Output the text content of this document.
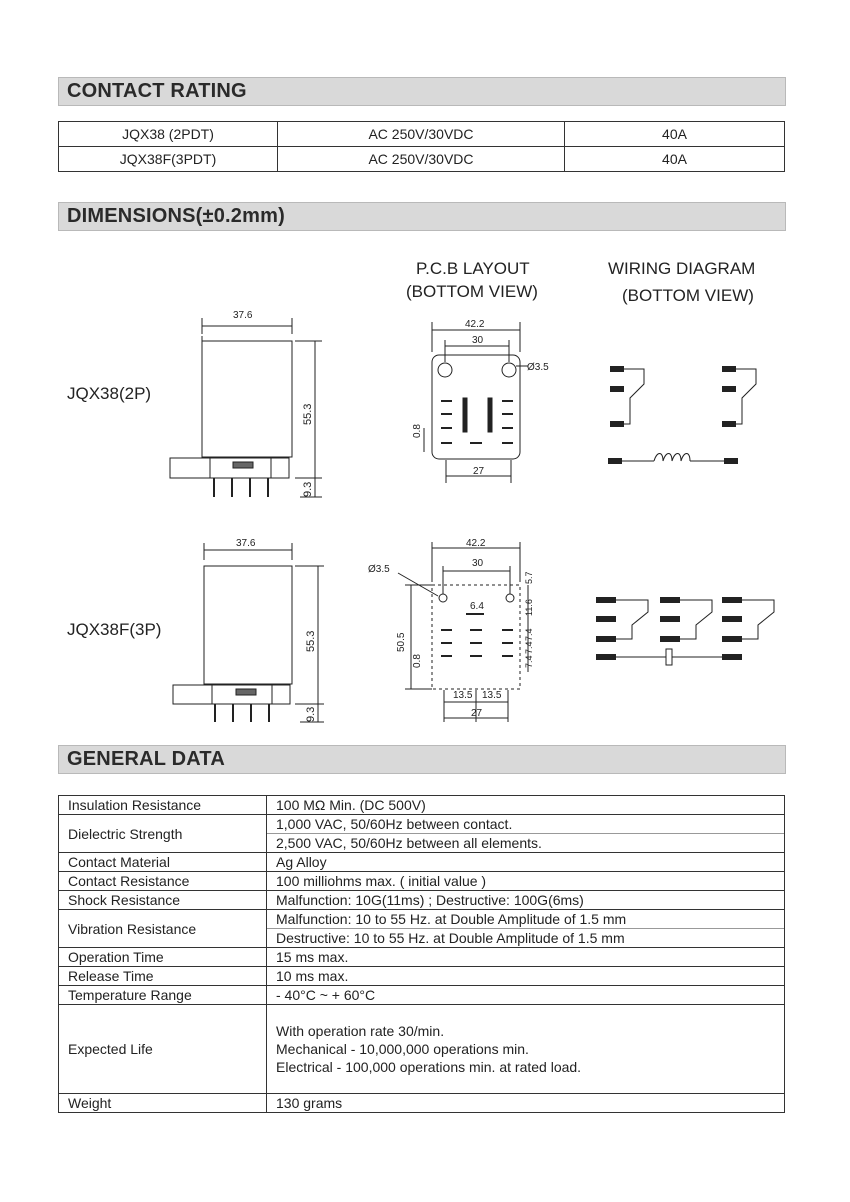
CONTACT RATING
JQX38 (2PDT)	AC 250V/30VDC	40A
JQX38F(3PDT)	AC 250V/30VDC	40A
DIMENSIONS(±0.2mm)
P.C.B LAYOUT
(BOTTOM VIEW)
WIRING DIAGRAM
(BOTTOM VIEW)
JQX38(2P)
JQX38F(3P)
37.6
37.6
42.2
30
Ø3.5
27
42.2
30
Ø3.5
6.4
13.5 13.5
27
55.3
9.3
55.3
9.3
0.8
0.8
50.5
5.7
11.6
7.4
7.4
7.4
GENERAL DATA
Insulation Resistance	100 MΩ Min. (DC 500V)
Dielectric Strength	1,000 VAC, 50/60Hz between contact.
2,500 VAC, 50/60Hz between all elements.

Contact Material	Ag Alloy
Contact Resistance	100 milliohms max. ( initial value )
Shock Resistance	Malfunction: 10G(11ms) ; Destructive: 100G(6ms)
Vibration Resistance	Malfunction: 10 to 55 Hz. at Double Amplitude of 1.5 mm
Destructive: 10 to 55 Hz. at Double Amplitude of 1.5 mm

Operation Time	15 ms max.
Release Time	10 ms max.
Temperature Range	- 40°C ~ + 60°C
Expected Life	With operation rate 30/min.
Mechanical - 10,000,000 operations min.
Electrical - 100,000 operations min. at rated load.

Weight	130 grams
